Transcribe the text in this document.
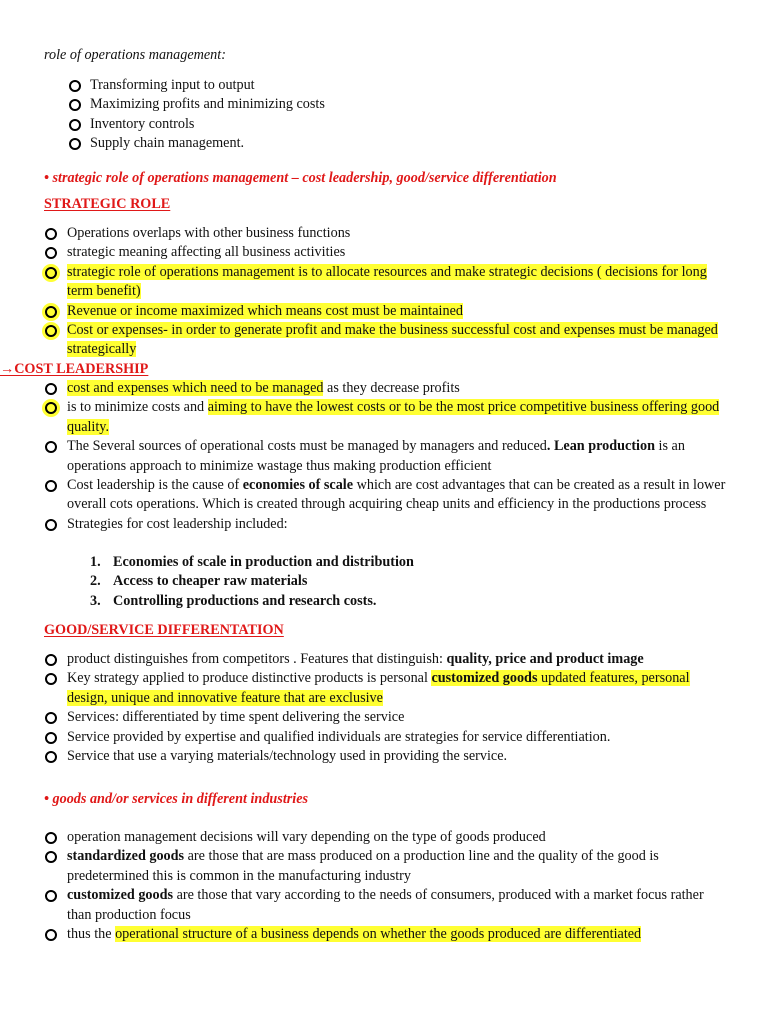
role of operations management:
Transforming input to output
Maximizing profits and minimizing costs
Inventory controls
Supply chain management.
• strategic role of operations management – cost leadership, good/service differentiation
STRATEGIC ROLE
Operations overlaps with other business functions
strategic meaning affecting all business activities
strategic role of operations management is to allocate resources and make strategic decisions ( decisions for long term benefit)
Revenue or income maximized which means cost must be maintained
Cost or expenses- in order to generate profit and make the business successful cost and expenses must be managed strategically
→COST LEADERSHIP
cost and expenses which need to be managed as they decrease profits
is to minimize costs and aiming to have the lowest costs or to be the most price competitive business offering good quality.
The Several sources of operational costs must be managed by managers and reduced. Lean production is an operations approach to minimize wastage thus making production efficient
Cost leadership is the cause of economies of scale which are cost advantages that can be created as a result in lower overall cots operations. Which is created through acquiring cheap units and efficiency in the productions process
Strategies for cost leadership included:
1. Economies of scale in production and distribution
2. Access to cheaper raw materials
3. Controlling productions and research costs.
GOOD/SERVICE DIFFERENTATION
product distinguishes from competitors . Features that distinguish: quality, price and product image
Key strategy applied to produce distinctive products is personal customized goods updated features, personal design, unique and innovative feature that are exclusive
Services: differentiated by time spent delivering the service
Service provided by expertise and qualified individuals are strategies for service differentiation.
Service that use a varying materials/technology used in providing the service.
• goods and/or services in different industries
operation management decisions will vary depending on the type of goods produced
standardized goods are those that are mass produced on a production line and the quality of the good is predetermined this is common in the manufacturing industry
customized goods are those that vary according to the needs of consumers, produced with a market focus rather than production focus
thus the operational structure of a business depends on whether the goods produced are differentiated
